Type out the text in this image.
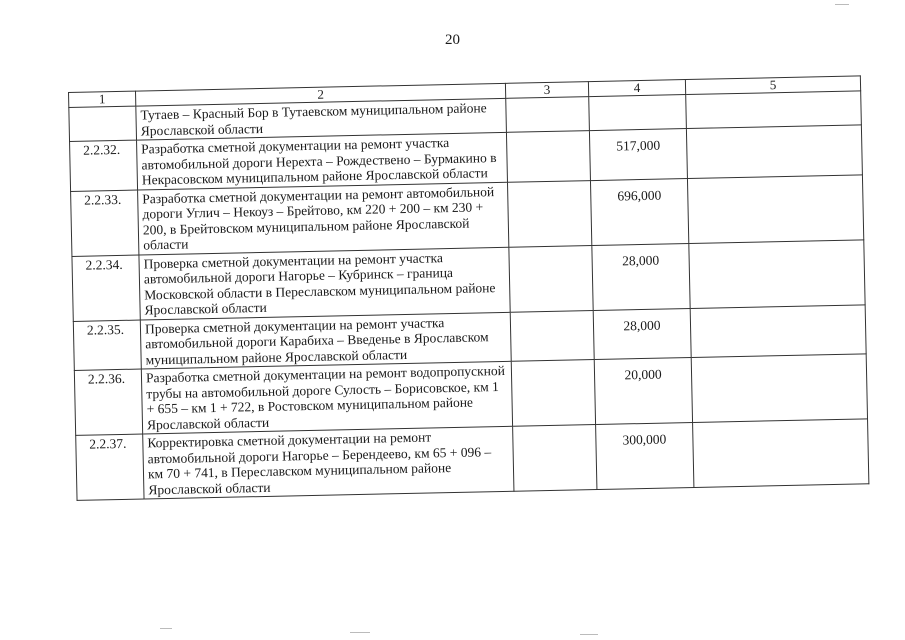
20
1	2	3	4	5
	Тутаев – Красный Бор в Тутаевском муниципальном районе Ярославской области			
2.2.32.	Разработка сметной документации на ремонт участка автомобильной дороги Нерехта – Рождествено – Бурмакино в Некрасовском муниципальном районе Ярославской области		517,000	
2.2.33.	Разработка сметной документации на ремонт автомобильной дороги Углич – Некоуз – Брейтово, км 220 + 200 – км 230 + 200, в Брейтовском муниципальном районе Ярославской области		696,000	
2.2.34.	Проверка сметной документации на ремонт участка автомобильной дороги Нагорье – Кубринск – граница Московской области в Переславском муниципальном районе Ярославской области		28,000	
2.2.35.	Проверка сметной документации на ремонт участка автомобильной дороги Карабиха – Введенье в Ярославском муниципальном районе Ярославской области		28,000	
2.2.36.	Разработка сметной документации на ремонт водопропускной трубы на автомобильной дороге Сулость – Борисовское, км 1 + 655 – км 1 + 722, в Ростовском муниципальном районе Ярославской области		20,000	
2.2.37.	Корректировка сметной документации на ремонт автомобильной дороги Нагорье – Берендеево, км 65 + 096 – км 70 + 741, в Переславском муниципальном районе Ярославской области		300,000	
